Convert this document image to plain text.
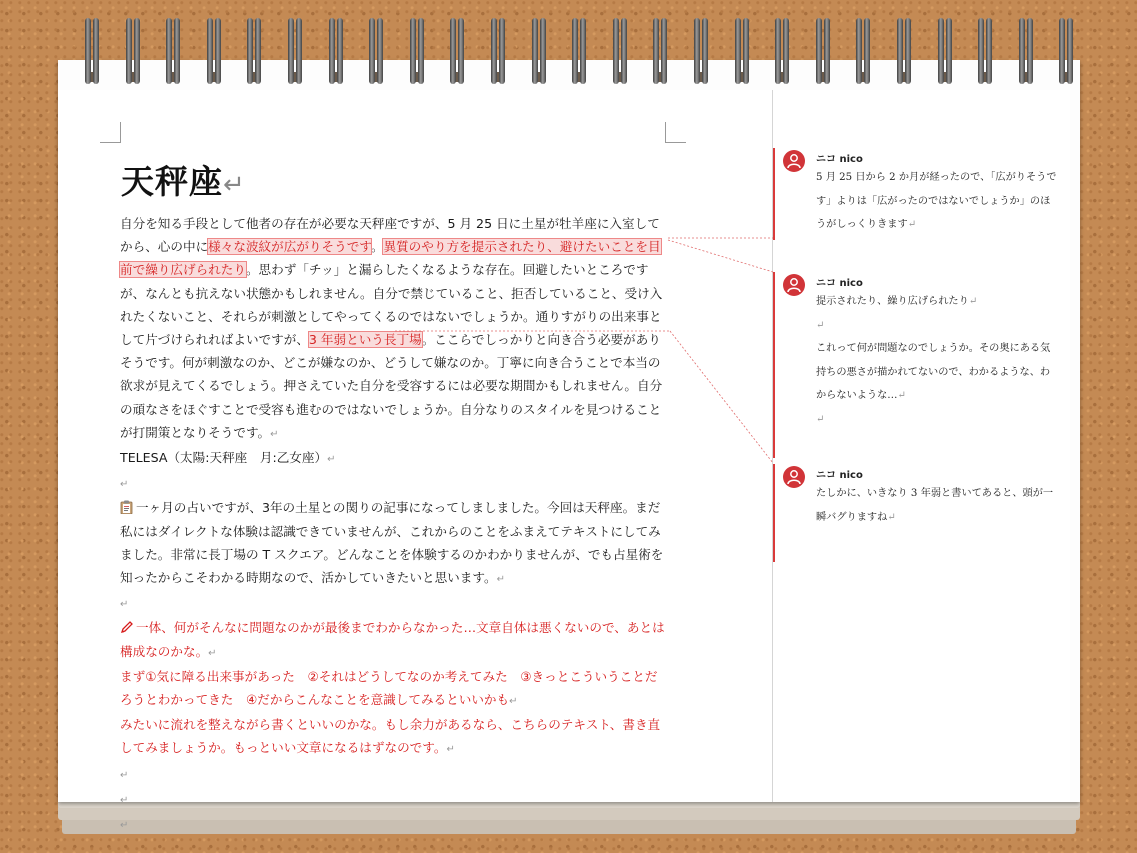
天秤座↵

自分を知る手段として他者の存在が必要な天秤座ですが、5 月 25 日に土星が牡羊座に入室してから、心の中に様々な波紋が広がりそうです。異質のやり方を提示されたり、避けたいことを目前で繰り広げられたり。思わず「チッ」と漏らしたくなるような存在。回避したいところですが、なんとも抗えない状態かもしれません。自分で禁じていること、拒否していること、受け入れたくないこと、それらが刺激としてやってくるのではないでしょうか。通りすがりの出来事として片づけられればよいですが、3 年弱という長丁場。ここらでしっかりと向き合う必要がありそうです。何が刺激なのか、どこが嫌なのか、どうして嫌なのか。丁寧に向き合うことで本当の欲求が見えてくるでしょう。押さえていた自分を受容するには必要な期間かもしれません。自分の頑なさをほぐすことで受容も進むのではないでしょうか。自分なりのスタイルを見つけることが打開策となりそうです。↵

TELESA（太陽:天秤座　月:乙女座）↵

↵

一ヶ月の占いですが、3年の土星との関りの記事になってしましました。今回は天秤座。まだ私にはダイレクトな体験は認識できていませんが、これからのことをふまえてテキストにしてみました。非常に長丁場の T スクエア。どんなことを体験するのかわかりませんが、でも占星術を知ったからこそわかる時期なので、活かしていきたいと思います。↵

↵

一体、何がそんなに問題なのかが最後までわからなかった…文章自体は悪くないので、あとは構成なのかな。↵

まず①気に障る出来事があった　②それはどうしてなのか考えてみた　③きっとこういうことだろうとわかってきた　④だからこんなことを意識してみるといいかも↵

みたいに流れを整えながら書くといいのかな。もし余力があるなら、こちらのテキスト、書き直してみましょうか。もっといい文章になるはずなのです。↵

↵

↵

↵

ニコ nico

5 月 25 日から 2 か月が経ったので、「広がりそうです」よりは「広がったのではないでしょうか」のほうがしっくりきます↵

ニコ nico

提示されたり、繰り広げられたり↵

↵

これって何が問題なのでしょうか。その奥にある気持ちの悪さが描かれてないので、わかるような、わからないような…↵

↵

ニコ nico

たしかに、いきなり 3 年弱と書いてあると、頭が一瞬バグりますね↵
